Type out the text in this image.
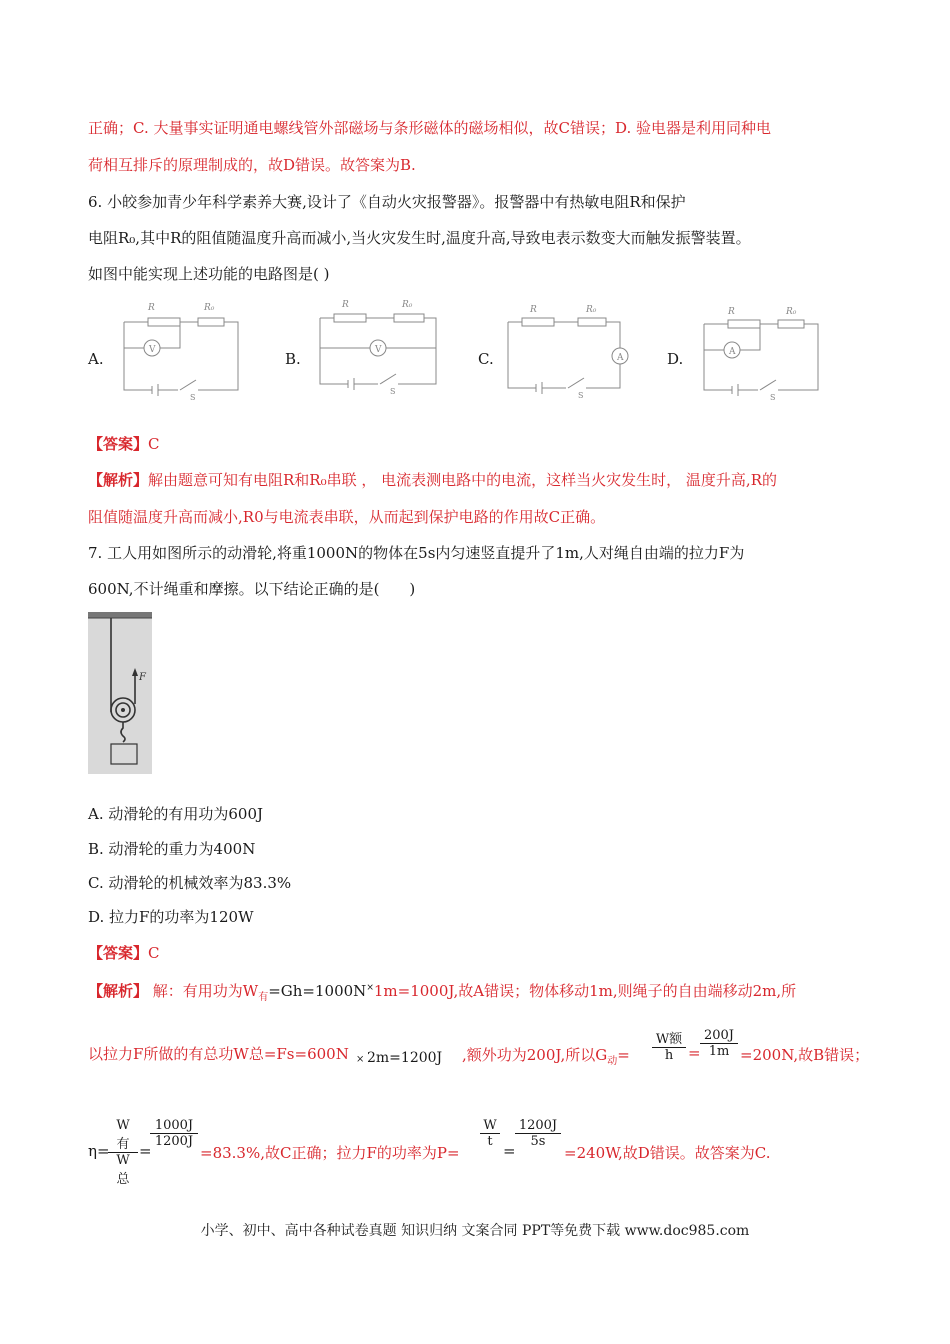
正确；C. 大量事实证明通电螺线管外部磁场与条形磁体的磁场相似，故C错误；D. 验电器是利用同种电
荷相互排斥的原理制成的，故D错误。故答案为B.
6. 小皎参加青少年科学素养大赛,设计了《自动火灾报警器》。报警器中有热敏电阻R和保护
电阻R₀,其中R的阻值随温度升高而减小,当火灾发生时,温度升高,导致电表示数变大而触发振警装置。
如图中能实现上述功能的电路图是( )
A.	B.	C.	D.
R	R₀
V
S
R	R₀
V
S
R	R₀
A
S
R	R₀
A
S
【答案】C
【解析】解由题意可知有电阻R和R₀串联 ， 电流表测电路中的电流，这样当火灾发生时， 温度升高,R的
阻值随温度升高而减小,R0与电流表串联，从而起到保护电路的作用故C正确。
7. 工人用如图所示的动滑轮,将重1000N的物体在5s内匀速竖直提升了1m,人对绳自由端的拉力F为
600N,不计绳重和摩擦。以下结论正确的是(　　)
F
A. 动滑轮的有用功为600J
B. 动滑轮的重力为400N
C. 动滑轮的机械效率为83.3%
D. 拉力F的功率为120W
【答案】C
【解析】 解：有用功为$W_有=Gh=1000N^\times 1m=1000J$,故A错误；物体移动1m,则绳子的自由端移动2m,所
以拉力F所做的有总功W总=Fs=600N × 2m=1200J ,额外功为200J,所以$G_动=$
W额
$h = \frac{200J}{1m} =200N$,故B错误；
η=
W有
W总
=
$\frac{1000J}{1200J}$
=83.3%,故C正确；拉力F的功率为P=
$\frac{W}{t}$
=
$\frac{1200J}{5s}$
=240W,故D错误。故答案为C.
小学、初中、高中各种试卷真题 知识归纳 文案合同 PPT等免费下载 www.doc985.com
